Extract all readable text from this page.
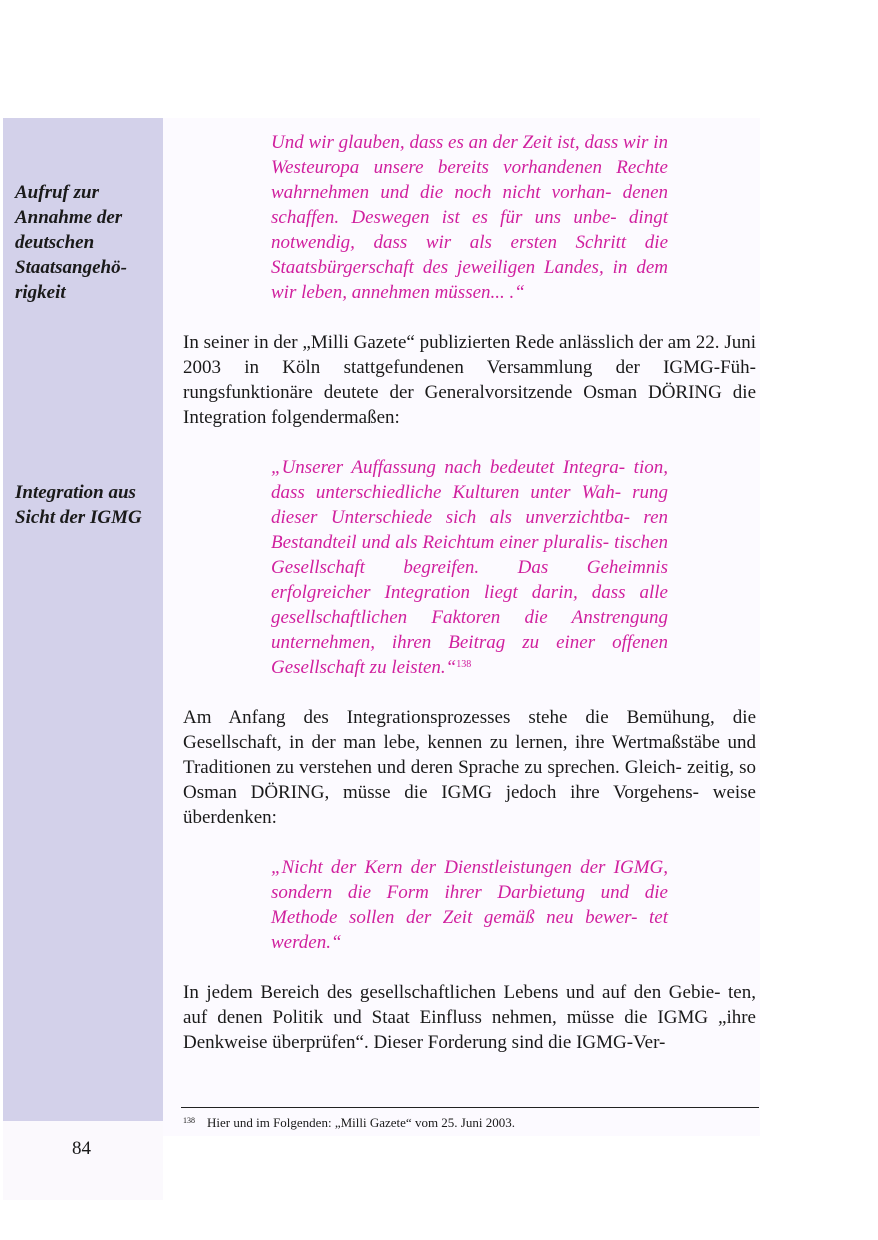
Aufruf zur Annahme der deutschen Staatsangehö- rigkeit
Integration aus Sicht der IGMG

Und wir glauben, dass es an der Zeit ist, dass wir in Westeuropa unsere bereits vorhandenen Rechte wahrnehmen und die noch nicht vorhan- denen schaffen. Deswegen ist es für uns unbe- dingt notwendig, dass wir als ersten Schritt die Staatsbürgerschaft des jeweiligen Landes, in dem wir leben, annehmen müssen... .“

In seiner in der „Milli Gazete“ publizierten Rede anlässlich der am 22. Juni 2003 in Köln stattgefundenen Versammlung der IGMG-Füh- rungsfunktionäre deutete der Generalvorsitzende Osman DÖRING die Integration folgendermaßen:

„Unserer Auffassung nach bedeutet Integra- tion, dass unterschiedliche Kulturen unter Wah- rung dieser Unterschiede sich als unverzichtba- ren Bestandteil und als Reichtum einer pluralis- tischen Gesellschaft begreifen. Das Geheimnis erfolgreicher Integration liegt darin, dass alle gesellschaftlichen Faktoren die Anstrengung unternehmen, ihren Beitrag zu einer offenen Gesellschaft zu leisten.“$^{138}$

Am Anfang des Integrationsprozesses stehe die Bemühung, die Gesellschaft, in der man lebe, kennen zu lernen, ihre Wertmaßstäbe und Traditionen zu verstehen und deren Sprache zu sprechen. Gleich- zeitig, so Osman DÖRING, müsse die IGMG jedoch ihre Vorgehens- weise überdenken:

„Nicht der Kern der Dienstleistungen der IGMG, sondern die Form ihrer Darbietung und die Methode sollen der Zeit gemäß neu bewer- tet werden.“

In jedem Bereich des gesellschaftlichen Lebens und auf den Gebie- ten, auf denen Politik und Staat Einfluss nehmen, müsse die IGMG „ihre Denkweise überprüfen“. Dieser Forderung sind die IGMG-Ver-

$^{138}$ Hier und im Folgenden: „Milli Gazete“ vom 25. Juni 2003.
84
